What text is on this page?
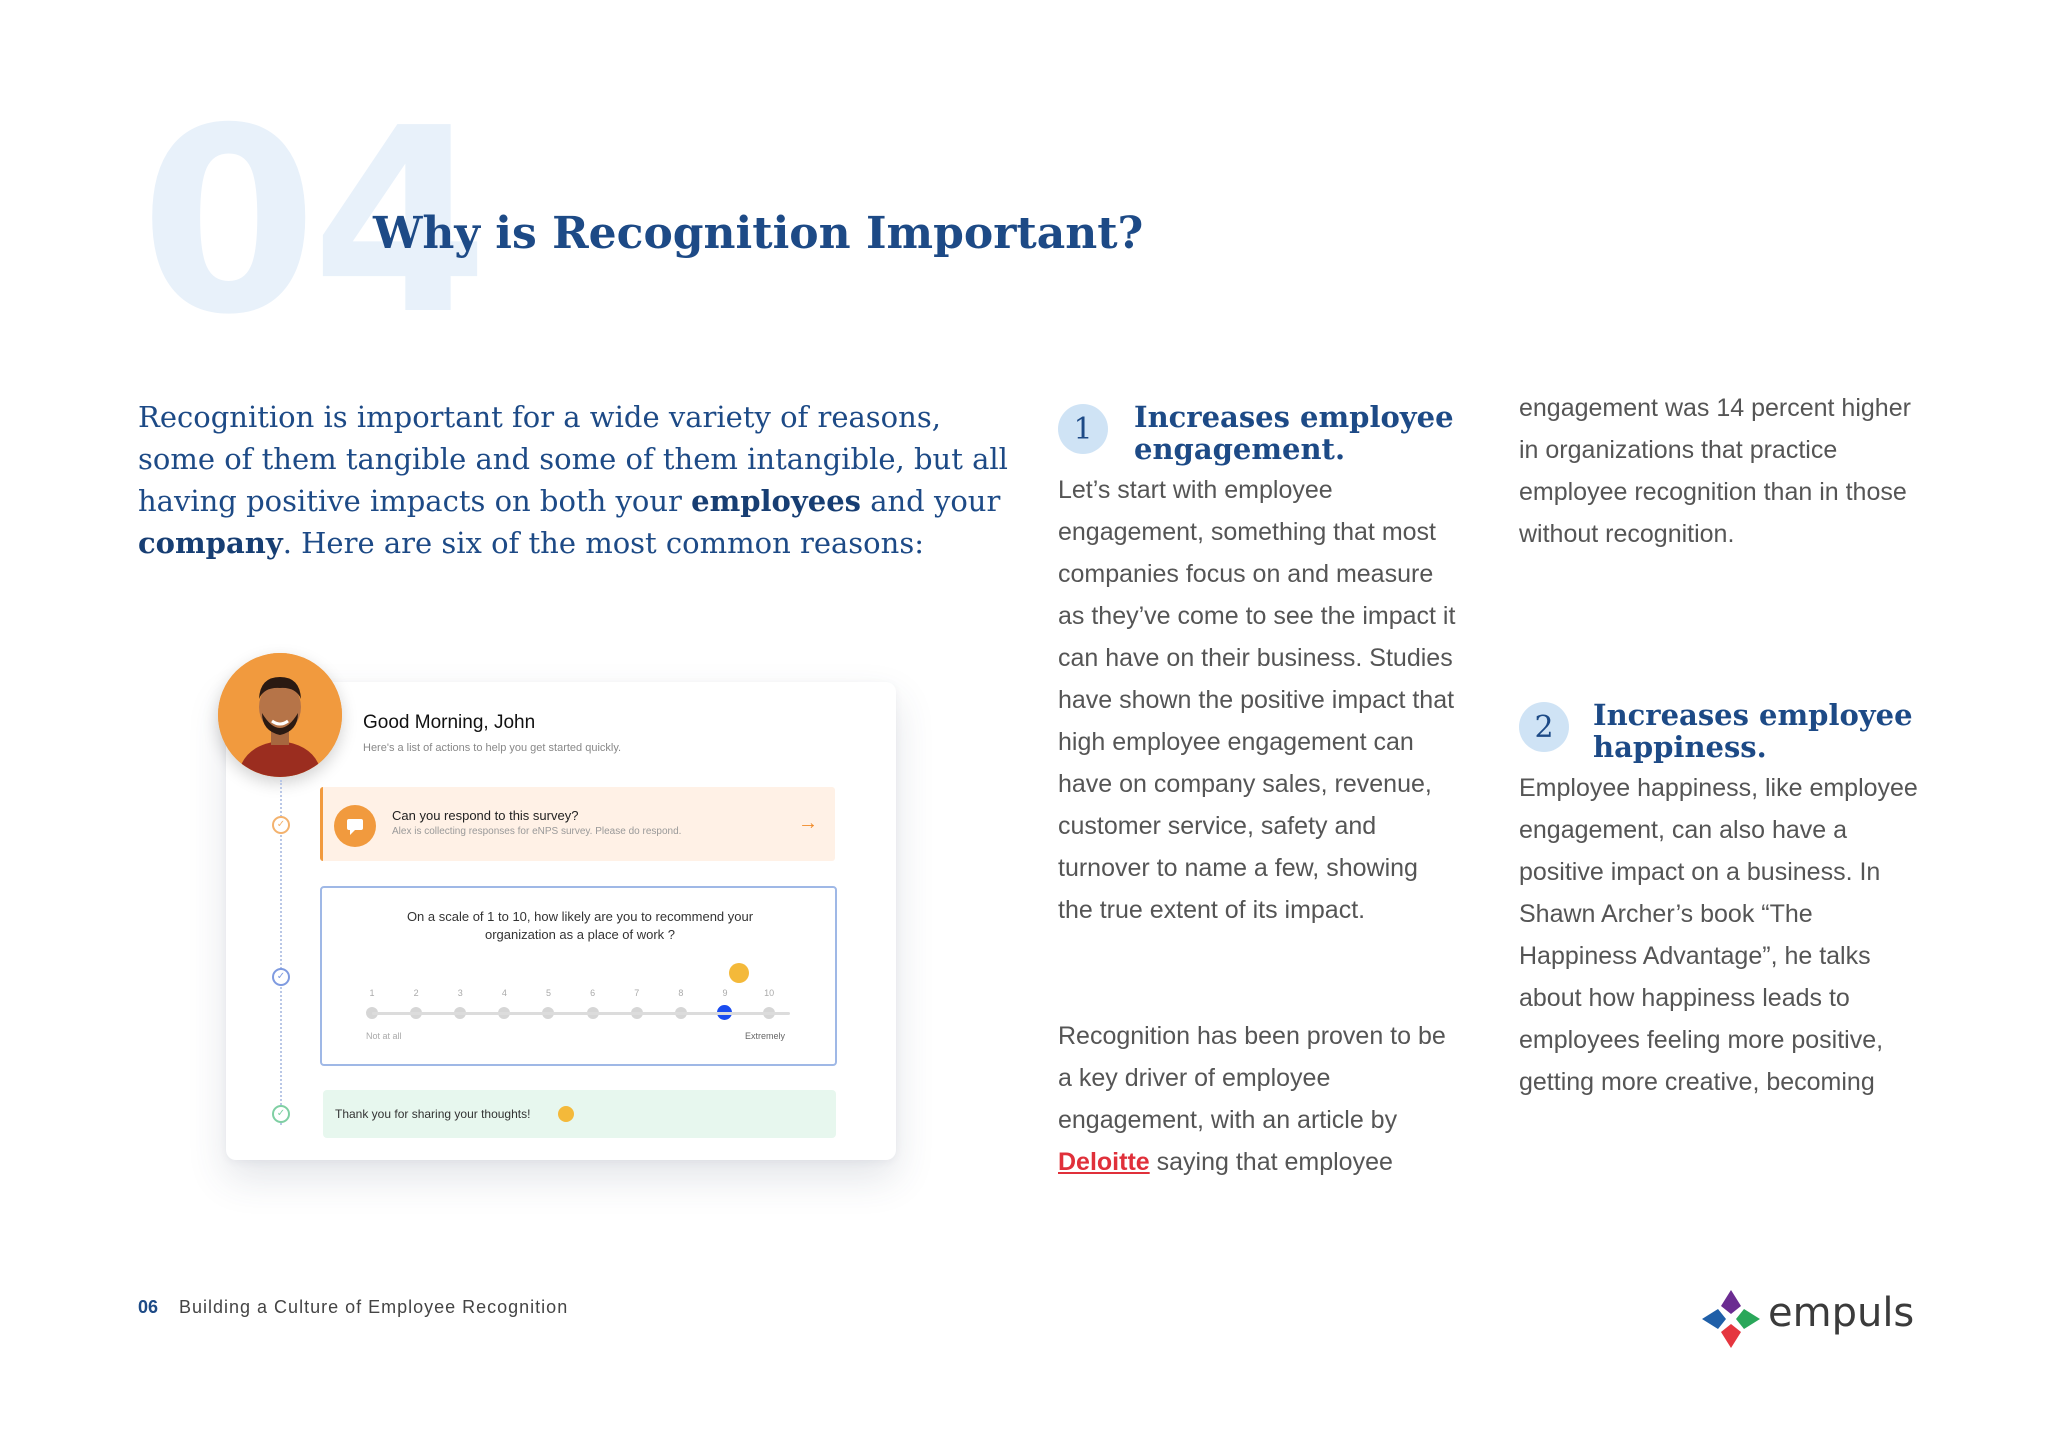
04
Why is Recognition Important?

Recognition is important for a wide variety of reasons, some of them tangible and some of them intangible, but all having positive impacts on both your employees and your company. Here are six of the most common reasons:

Good Morning, John
Here's a list of actions to help you get started quickly.
✓
✓
✓
Can you respond to this survey?
Alex is collecting responses for eNPS survey. Please do respond.	→
On a scale of 1 to 10, how likely are you to recommend your organization as a place of work ?
1	2	3	4	5	6	7	8	9	10
Not at all	Extremely
Thank you for sharing your thoughts!
1	Increases employee engagement.

Let’s start with employee engagement, something that most companies focus on and measure as they’ve come to see the impact it can have on their business. Studies have shown the positive impact that high employee engagement can have on company sales, revenue, customer service, safety and turnover to name a few, showing the true extent of its impact.

Recognition has been proven to be a key driver of employee engagement, with an article by Deloitte saying that employee

engagement was 14 percent higher in organizations that practice employee recognition than in those without recognition.

2	Increases employee happiness.

Employee happiness, like employee engagement, can also have a positive impact on a business. In Shawn Archer’s book “The Happiness Advantage”, he talks about how happiness leads to employees feeling more positive, getting more creative, becoming

06 Building a Culture of Employee Recognition	empuls
